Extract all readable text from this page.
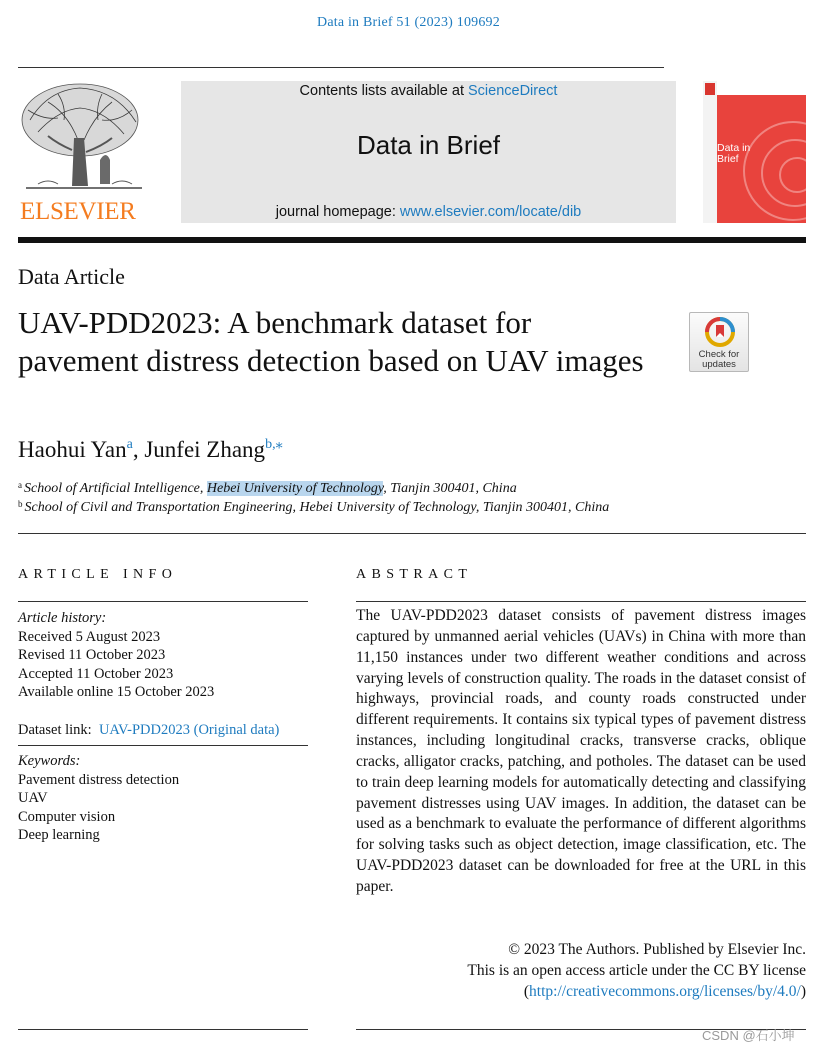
Data in Brief 51 (2023) 109692
ELSEVIER
Contents lists available at ScienceDirect
Data in Brief
journal homepage: www.elsevier.com/locate/dib
Data in Brief
Data Article
UAV-PDD2023: A benchmark dataset for pavement distress detection based on UAV images	Check for updates
Haohui Yan$^a$, Junfei Zhang$^{b,⁎}$
$^a$ School of Artificial Intelligence, Hebei University of Technology, Tianjin 300401, China
$^b$ School of Civil and Transportation Engineering, Hebei University of Technology, Tianjin 300401, China
ARTICLE INFO
Article history:
Received 5 August 2023
Revised 11 October 2023
Accepted 11 October 2023
Available online 15 October 2023
Dataset link: UAV-PDD2023 (Original data)
Keywords:
Pavement distress detection
UAV
Computer vision
Deep learning
ABSTRACT
The UAV-PDD2023 dataset consists of pavement distress images captured by unmanned aerial vehicles (UAVs) in China with more than 11,150 instances under two different weather conditions and across varying levels of construction quality. The roads in the dataset consist of highways, provincial roads, and county roads constructed under different requirements. It contains six typical types of pavement distress instances, including longitudinal cracks, transverse cracks, oblique cracks, alligator cracks, patching, and potholes. The dataset can be used to train deep learning models for automatically detecting and classifying pavement distresses using UAV images. In addition, the dataset can be used as a benchmark to evaluate the performance of different algorithms for solving tasks such as object detection, image classification, etc. The UAV-PDD2023 dataset can be downloaded for free at the URL in this paper.
© 2023 The Authors. Published by Elsevier Inc.
This is an open access article under the CC BY license
(http://creativecommons.org/licenses/by/4.0/)
CSDN @石小坤
